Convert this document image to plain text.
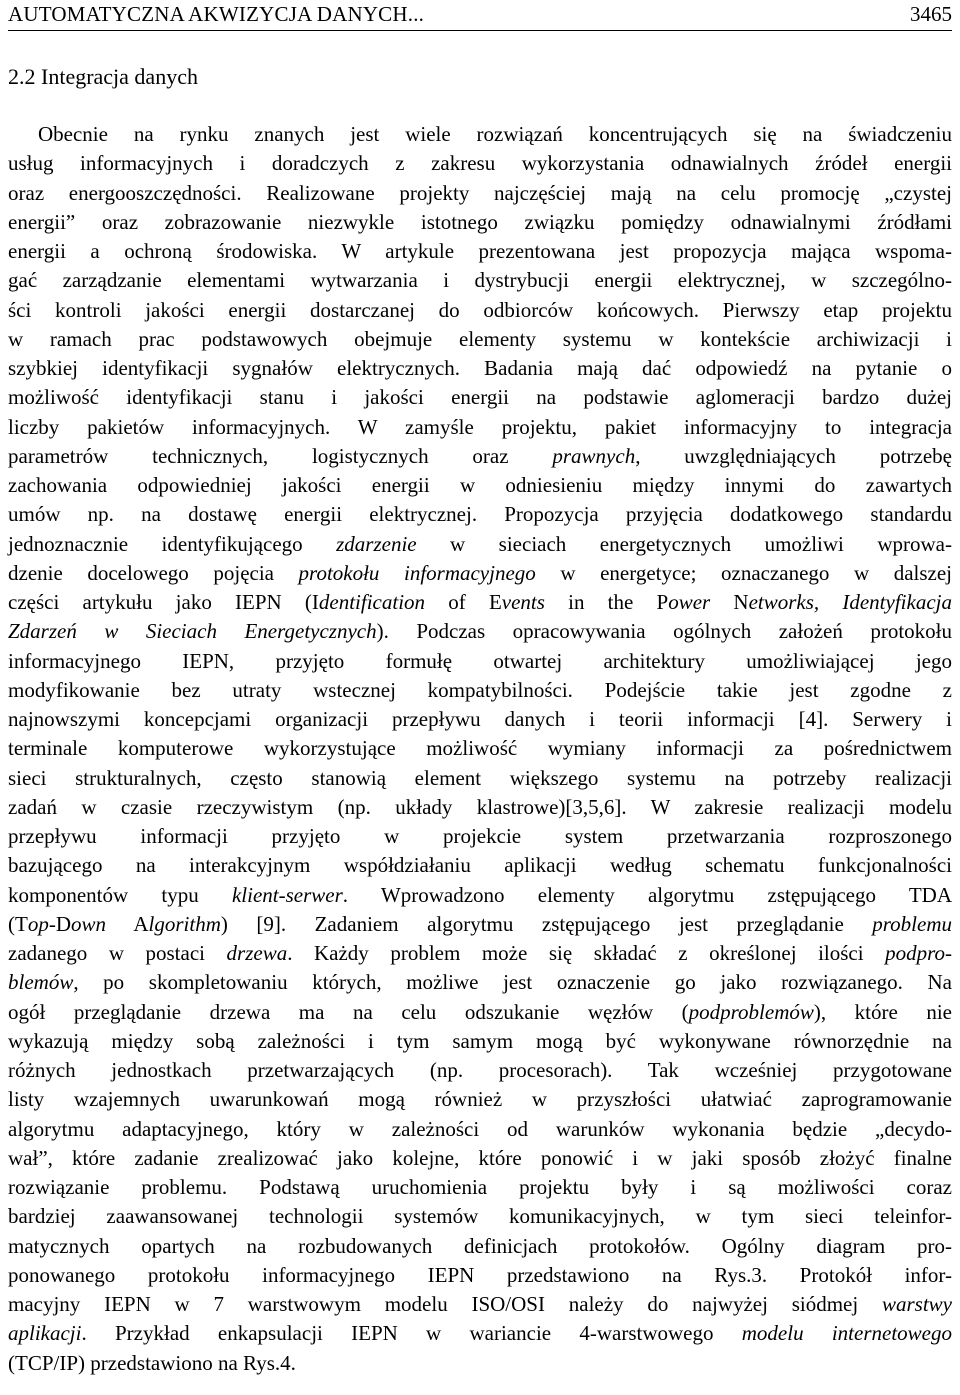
AUTOMATYCZNA AKWIZYCJA DANYCH...	3465
2.2 Integracja danych
Obecnie na rynku znanych jest wiele rozwiązań koncentrujących się na świadczeniu
usług informacyjnych i doradczych z zakresu wykorzystania odnawialnych źródeł energii
oraz energooszczędności. Realizowane projekty najczęściej mają na celu promocję „czystej
energii” oraz zobrazowanie niezwykle istotnego związku pomiędzy odnawialnymi źródłami
energii a ochroną środowiska. W artykule prezentowana jest propozycja mająca wspoma-
gać zarządzanie elementami wytwarzania i dystrybucji energii elektrycznej, w szczególno-
ści kontroli jakości energii dostarczanej do odbiorców końcowych. Pierwszy etap projektu
w ramach prac podstawowych obejmuje elementy systemu w kontekście archiwizacji i
szybkiej identyfikacji sygnałów elektrycznych. Badania mają dać odpowiedź na pytanie o
możliwość identyfikacji stanu i jakości energii na podstawie aglomeracji bardzo dużej
liczby pakietów informacyjnych. W zamyśle projektu, pakiet informacyjny to integracja
parametrów technicznych, logistycznych oraz prawnych, uwzględniających potrzebę
zachowania odpowiedniej jakości energii w odniesieniu między innymi do zawartych
umów np. na dostawę energii elektrycznej. Propozycja przyjęcia dodatkowego standardu
jednoznacznie identyfikującego zdarzenie w sieciach energetycznych umożliwi wprowa-
dzenie docelowego pojęcia protokołu informacyjnego w energetyce; oznaczanego w dalszej
części artykułu jako IEPN (Identification of Events in the Power Networks, Identyfikacja
Zdarzeń w Sieciach Energetycznych). Podczas opracowywania ogólnych założeń protokołu
informacyjnego IEPN, przyjęto formułę otwartej architektury umożliwiającej jego
modyfikowanie bez utraty wstecznej kompatybilności. Podejście takie jest zgodne z
najnowszymi koncepcjami organizacji przepływu danych i teorii informacji [4]. Serwery i
terminale komputerowe wykorzystujące możliwość wymiany informacji za pośrednictwem
sieci strukturalnych, często stanowią element większego systemu na potrzeby realizacji
zadań w czasie rzeczywistym (np. układy klastrowe)[3,5,6]. W zakresie realizacji modelu
przepływu informacji przyjęto w projekcie system przetwarzania rozproszonego
bazującego na interakcyjnym współdziałaniu aplikacji według schematu funkcjonalności
komponentów typu klient-serwer. Wprowadzono elementy algorytmu zstępującego TDA
(Top-Down Algorithm) [9]. Zadaniem algorytmu zstępującego jest przeglądanie problemu
zadanego w postaci drzewa. Każdy problem może się składać z określonej ilości podpro-
blemów, po skompletowaniu których, możliwe jest oznaczenie go jako rozwiązanego. Na
ogół przeglądanie drzewa ma na celu odszukanie węzłów (podproblemów), które nie
wykazują między sobą zależności i tym samym mogą być wykonywane równorzędnie na
różnych jednostkach przetwarzających (np. procesorach). Tak wcześniej przygotowane
listy wzajemnych uwarunkowań mogą również w przyszłości ułatwiać zaprogramowanie
algorytmu adaptacyjnego, który w zależności od warunków wykonania będzie „decydo-
wał”, które zadanie zrealizować jako kolejne, które ponowić i w jaki sposób złożyć finalne
rozwiązanie problemu. Podstawą uruchomienia projektu były i są możliwości coraz
bardziej zaawansowanej technologii systemów komunikacyjnych, w tym sieci teleinfor-
matycznych opartych na rozbudowanych definicjach protokołów. Ogólny diagram pro-
ponowanego protokołu informacyjnego IEPN przedstawiono na Rys.3. Protokół infor-
macyjny IEPN w 7 warstwowym modelu ISO/OSI należy do najwyżej siódmej warstwy
aplikacji. Przykład enkapsulacji IEPN w wariancie 4-warstwowego modelu internetowego
(TCP/IP) przedstawiono na Rys.4.
